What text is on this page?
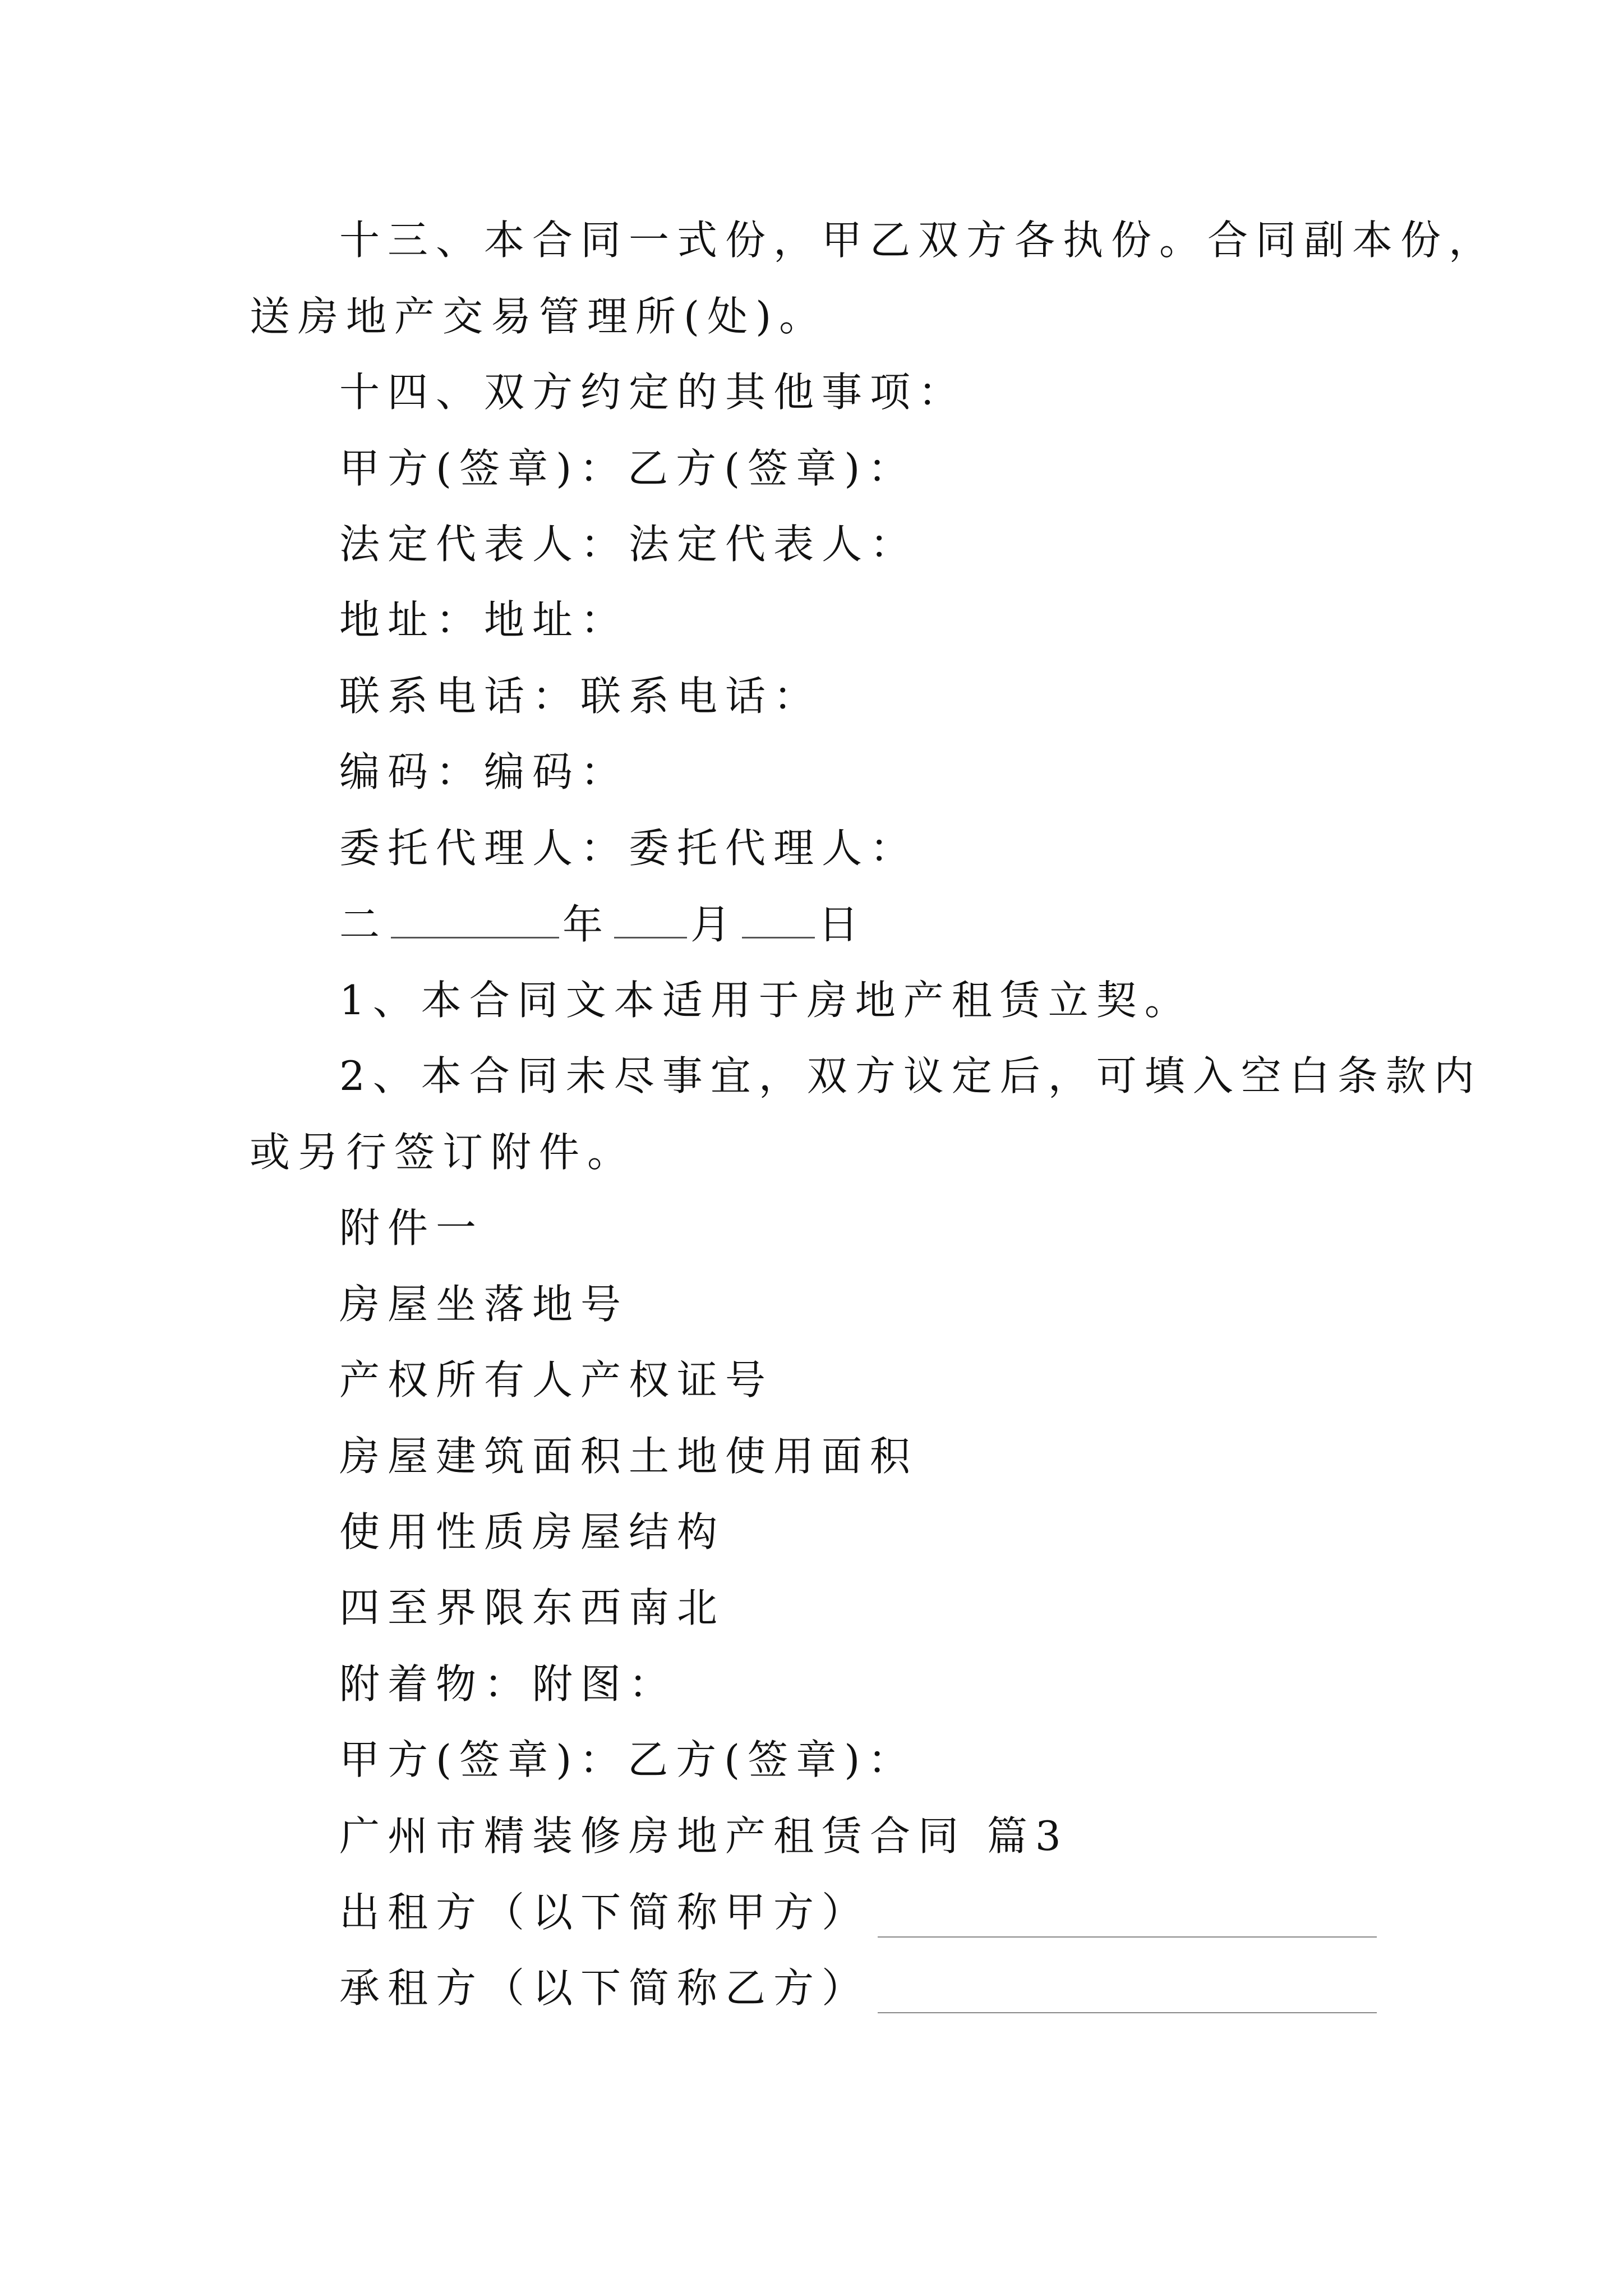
十三、本合同一式份，甲乙双方各执份。合同副本份，
送房地产交易管理所(处)。
十四、双方约定的其他事项：
甲方(签章)：乙方(签章)：
法定代表人：法定代表人：
地址：地址：
联系电话：联系电话：
编码：编码：
委托代理人：委托代理人：
二	年 月 日
1、本合同文本适用于房地产租赁立契。
2、本合同未尽事宜，双方议定后，可填入空白条款内
或另行签订附件。
附件一
房屋坐落地号
产权所有人产权证号
房屋建筑面积土地使用面积
使用性质房屋结构
四至界限东西南北
附着物：附图：
甲方(签章)：乙方(签章)：
广州市精装修房地产租赁合同 篇3
出租方（以下简称甲方）
承租方（以下简称乙方）
